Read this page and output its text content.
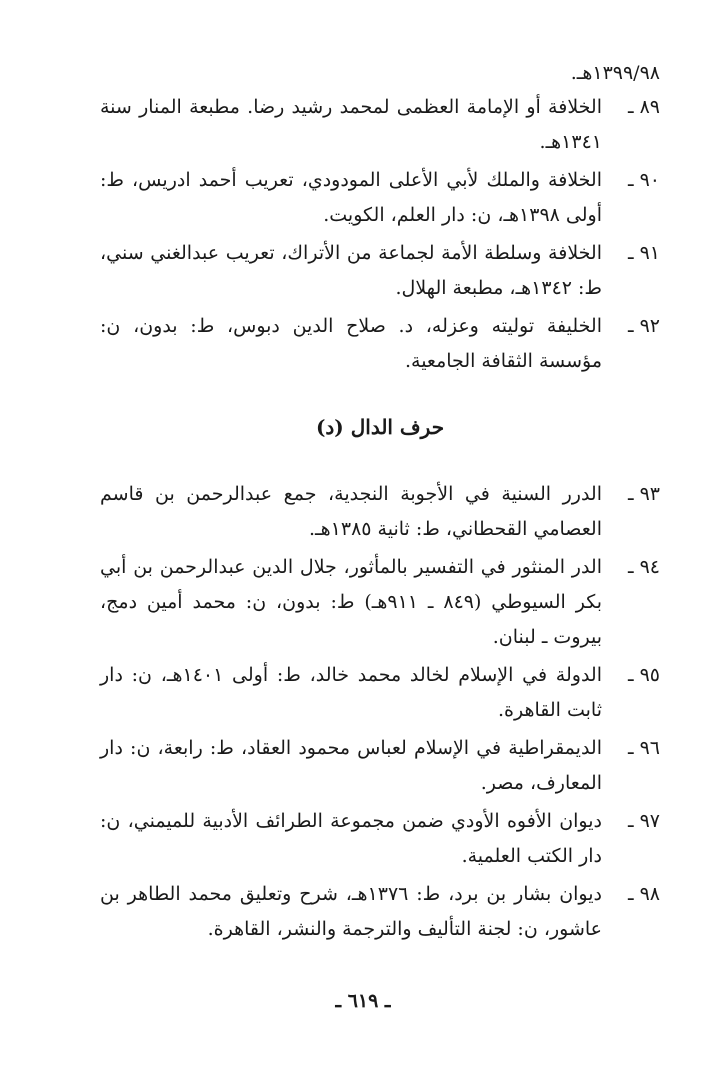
١٣٩٩/٩٨هـ.
٨٩ ـ
الخلافة أو الإمامة العظمى لمحمد رشيد رضا. مطبعة المنار سنة ١٣٤١هـ.
٩٠ ـ
الخلافة والملك لأبي الأعلى المودودي، تعريب أحمد ادريس، ط: أولى ١٣٩٨هـ، ن: دار العلم، الكويت.
٩١ ـ
الخلافة وسلطة الأمة لجماعة من الأتراك، تعريب عبدالغني سني، ط: ١٣٤٢هـ، مطبعة الهلال.
٩٢ ـ
الخليفة توليته وعزله، د. صلاح الدين دبوس، ط: بدون، ن: مؤسسة الثقافة الجامعية.
حرف الدال (د)
٩٣ ـ
الدرر السنية في الأجوبة النجدية، جمع عبدالرحمن بن قاسم العصامي القحطاني، ط: ثانية ١٣٨٥هـ.
٩٤ ـ
الدر المنثور في التفسير بالمأثور، جلال الدين عبدالرحمن بن أبي بكر السيوطي (٨٤٩ ـ ٩١١هـ) ط: بدون، ن: محمد أمين دمج، بيروت ـ لبنان.
٩٥ ـ
الدولة في الإسلام لخالد محمد خالد، ط: أولى ١٤٠١هـ، ن: دار ثابت القاهرة.
٩٦ ـ
الديمقراطية في الإسلام لعباس محمود العقاد، ط: رابعة، ن: دار المعارف، مصر.
٩٧ ـ
ديوان الأفوه الأودي ضمن مجموعة الطرائف الأدبية للميمني، ن: دار الكتب العلمية.
٩٨ ـ
ديوان بشار بن برد، ط: ١٣٧٦هـ، شرح وتعليق محمد الطاهر بن عاشور، ن: لجنة التأليف والترجمة والنشر، القاهرة.
ـ ٦١٩ ـ
